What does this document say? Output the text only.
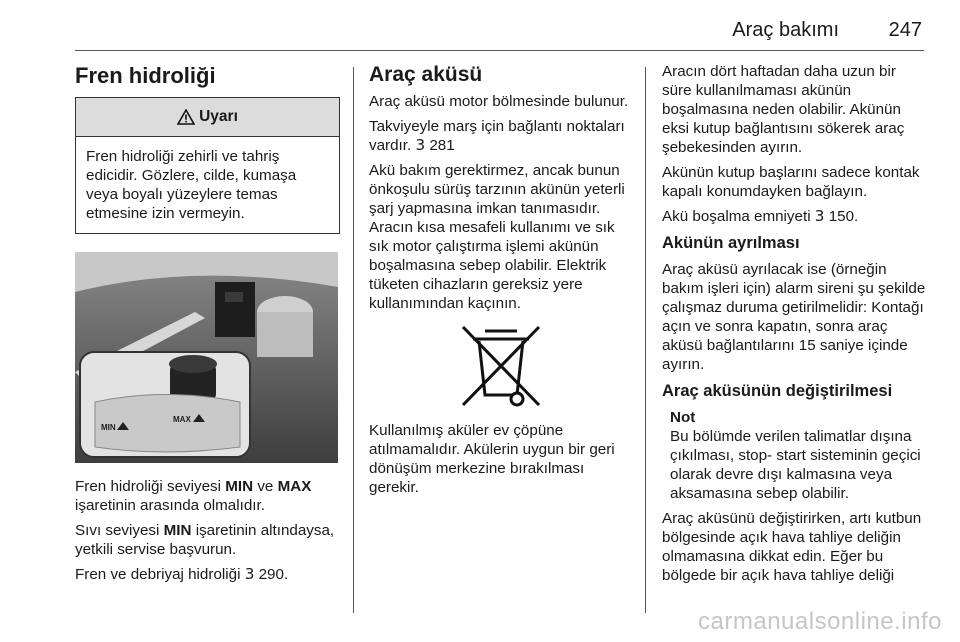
Araç bakımı 247
Fren hidroliği
Uyarı
Fren hidroliği zehirli ve tahriş edicidir. Gözlere, cilde, kumaşa veya boyalı yüzeylere temas etmesine izin vermeyin.
MAX
MIN

Fren hidroliği seviyesi MIN ve MAX işaretinin arasında olmalıdır.

Sıvı seviyesi MIN işaretinin altındaysa, yetkili servise başvurun.

Fren ve debriyaj hidroliği 3 290.

Araç aküsü

Araç aküsü motor bölmesinde bulunur.

Takviyeyle marş için bağlantı noktaları vardır. 3 281

Akü bakım gerektirmez, ancak bunun önkoşulu sürüş tarzının akünün yeterli şarj yapmasına imkan tanımasıdır. Aracın kısa mesafeli kullanımı ve sık sık motor çalıştırma işlemi akünün boşalmasına sebep olabilir. Elektrik tüketen cihazların gereksiz yere kullanımından kaçının.

Kullanılmış aküler ev çöpüne atılmamalıdır. Akülerin uygun bir geri dönüşüm merkezine bırakılması gerekir.

Aracın dört haftadan daha uzun bir süre kullanılmaması akünün boşalmasına neden olabilir. Akünün eksi kutup bağlantısını sökerek araç şebekesinden ayırın.

Akünün kutup başlarını sadece kontak kapalı konumdayken bağlayın.

Akü boşalma emniyeti 3 150.

Akünün ayrılması

Araç aküsü ayrılacak ise (örneğin bakım işleri için) alarm sireni şu şekilde çalışmaz duruma getirilmelidir: Kontağı açın ve sonra kapatın, sonra araç aküsü bağlantılarını 15 saniye içinde ayırın.

Araç aküsünün değiştirilmesi
Not
Bu bölümde verilen talimatlar dışına çıkılması, stop- start sisteminin geçici olarak devre dışı kalmasına veya aksamasına sebep olabilir.

Araç aküsünü değiştirirken, artı kutbun bölgesinde açık hava tahliye deliğin olmamasına dikkat edin. Eğer bu bölgede bir açık hava tahliye deliği

carmanualsonline.info
